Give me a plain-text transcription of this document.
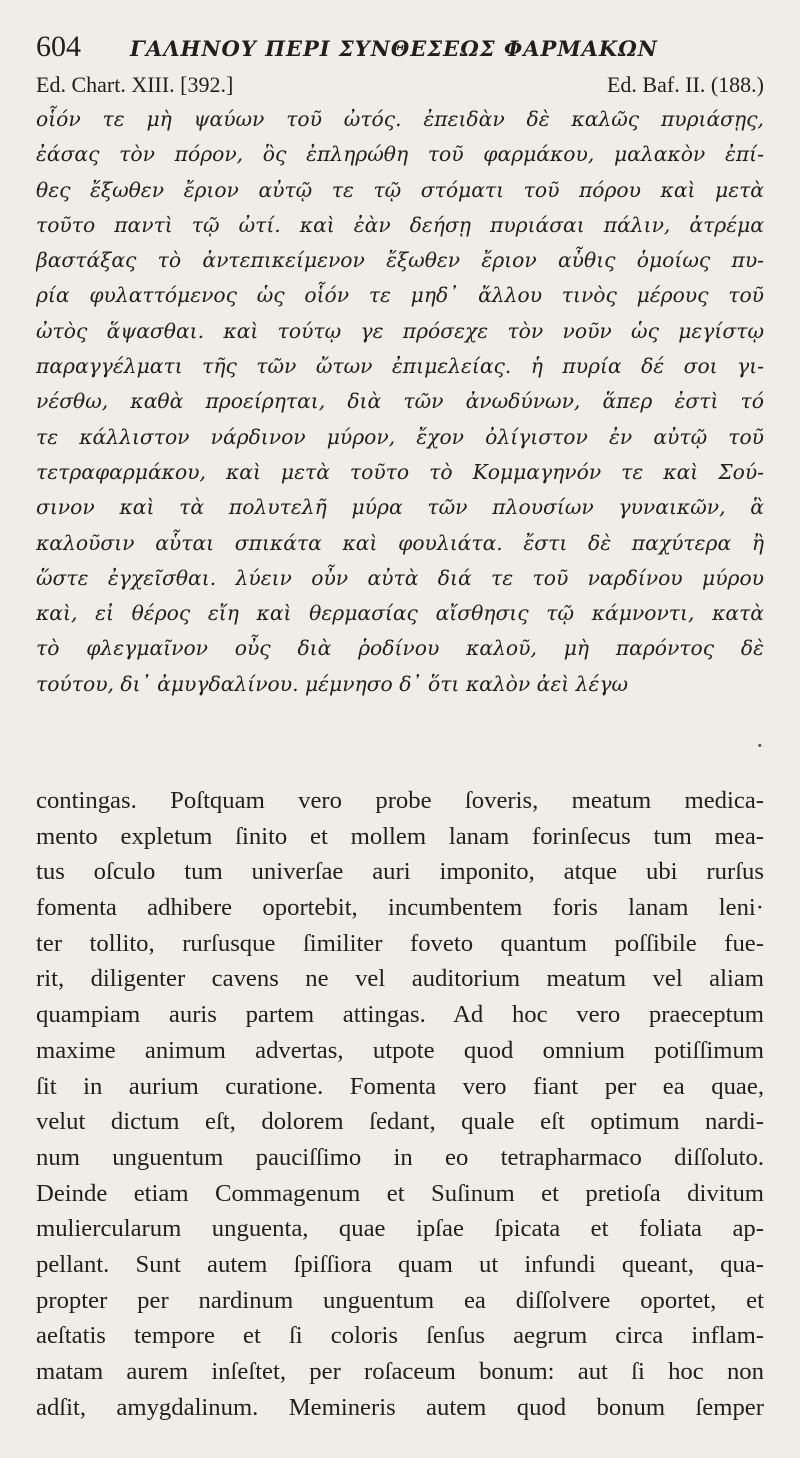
604	ΓΑΛΗΝΟΥ ΠΕΡΙ ΣΥΝΘΕΣΕΩΣ ΦΑΡΜΑΚΩΝ
Ed. Chart. XIII. [392.]	Ed. Baf. II. (188.)
οἷόν τε μὴ ψαύων τοῦ ὠτός. ἐπειδὰν δὲ καλῶς πυριάσῃς,
ἐάσας τὸν πόρον, ὃς ἐπληρώθη τοῦ φαρμάκου, μαλακὸν ἐπί-
θες ἔξωθεν ἔριον αὐτῷ τε τῷ στόματι τοῦ πόρου καὶ μετὰ
τοῦτο παντὶ τῷ ὠτί. καὶ ἐὰν δεήσῃ πυριάσαι πάλιν, ἀτρέμα
βαστάξας τὸ ἀντεπικείμενον ἔξωθεν ἔριον αὖθις ὁμοίως πυ-
ρία φυλαττόμενος ὡς οἷόν τε μηδ᾽ ἄλλου τινὸς μέρους τοῦ
ὠτὸς ἅψασθαι. καὶ τούτῳ γε πρόσεχε τὸν νοῦν ὡς μεγίστῳ
παραγγέλματι τῆς τῶν ὤτων ἐπιμελείας. ἡ πυρία δέ σοι γι-
νέσθω, καθὰ προείρηται, διὰ τῶν ἀνωδύνων, ἅπερ ἐστὶ τό
τε κάλλιστον νάρδινον μύρον, ἔχον ὀλίγιστον ἐν αὐτῷ τοῦ
τετραφαρμάκου, καὶ μετὰ τοῦτο τὸ Κομμαγηνόν τε καὶ Σού-
σινον καὶ τὰ πολυτελῆ μύρα τῶν πλουσίων γυναικῶν, ἃ
καλοῦσιν αὗται σπικάτα καὶ φουλιάτα. ἔστι δὲ παχύτερα ἢ
ὥστε ἐγχεῖσθαι. λύειν οὖν αὐτὰ διά τε τοῦ ναρδίνου μύρου
καὶ, εἰ θέρος εἴη καὶ θερμασίας αἴσθησις τῷ κάμνοντι, κατὰ
τὸ φλεγμαῖνον οὖς διὰ ῥοδίνου καλοῦ, μὴ παρόντος δὲ
τούτου, δι᾽ ἀμυγδαλίνου. μέμνησο δ᾽ ὅτι καλὸν ἀεὶ λέγω
·
contingas. Poſtquam vero probe ſoveris, meatum medica-
mento expletum ſinito et mollem lanam forinſecus tum mea-
tus oſculo tum univerſae auri imponito, atque ubi rurſus
fomenta adhibere oportebit, incumbentem foris lanam leni·
ter tollito, rurſusque ſimiliter foveto quantum poſſibile fue-
rit, diligenter cavens ne vel auditorium meatum vel aliam
quampiam auris partem attingas. Ad hoc vero praeceptum
maxime animum advertas, utpote quod omnium potiſſimum
ſit in aurium curatione. Fomenta vero fiant per ea quae,
velut dictum eſt, dolorem ſedant, quale eſt optimum nardi-
num unguentum pauciſſimo in eo tetrapharmaco diſſoluto.
Deinde etiam Commagenum et Suſinum et pretioſa divitum
muliercularum unguenta, quae ipſae ſpicata et foliata ap-
pellant. Sunt autem ſpiſſiora quam ut infundi queant, qua-
propter per nardinum unguentum ea diſſolvere oportet, et
aeſtatis tempore et ſi coloris ſenſus aegrum circa inflam-
matam aurem inſeſtet, per roſaceum bonum: aut ſi hoc non
adſit, amygdalinum. Memineris autem quod bonum ſemper
